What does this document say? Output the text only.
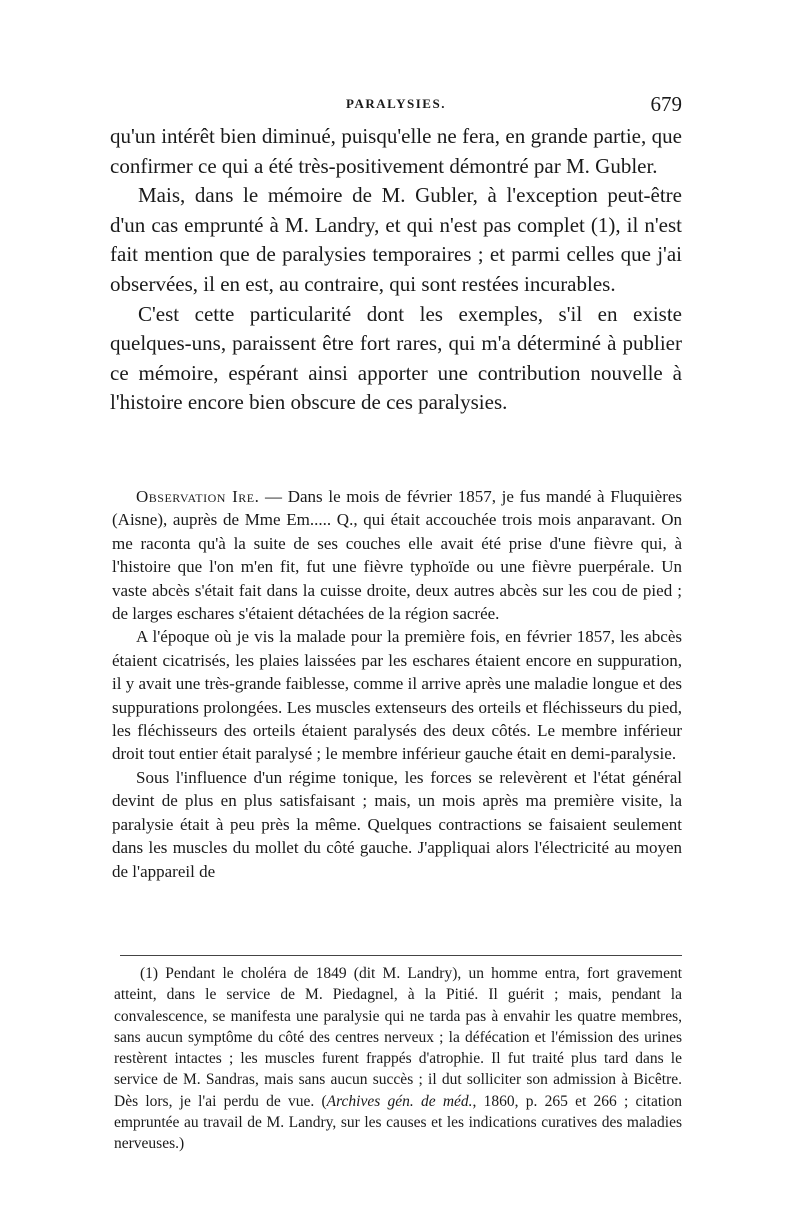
PARALYSIES.	679

qu'un intérêt bien diminué, puisqu'elle ne fera, en grande partie, que confirmer ce qui a été très-positivement démontré par M. Gubler.

Mais, dans le mémoire de M. Gubler, à l'exception peut-être d'un cas emprunté à M. Landry, et qui n'est pas complet (1), il n'est fait mention que de paralysies temporaires ; et parmi celles que j'ai observées, il en est, au contraire, qui sont restées incurables.

C'est cette particularité dont les exemples, s'il en existe quelques-uns, paraissent être fort rares, qui m'a déterminé à publier ce mémoire, espérant ainsi apporter une contribution nouvelle à l'histoire encore bien obscure de ces paralysies.

Observation Ire. — Dans le mois de février 1857, je fus mandé à Fluquières (Aisne), auprès de Mme Em..... Q., qui était accouchée trois mois anparavant. On me raconta qu'à la suite de ses couches elle avait été prise d'une fièvre qui, à l'histoire que l'on m'en fit, fut une fièvre typhoïde ou une fièvre puerpérale. Un vaste abcès s'était fait dans la cuisse droite, deux autres abcès sur les cou de pied ; de larges eschares s'étaient détachées de la région sacrée.

A l'époque où je vis la malade pour la première fois, en février 1857, les abcès étaient cicatrisés, les plaies laissées par les eschares étaient encore en suppuration, il y avait une très-grande faiblesse, comme il arrive après une maladie longue et des suppurations prolongées. Les muscles extenseurs des orteils et fléchisseurs du pied, les fléchisseurs des orteils étaient paralysés des deux côtés. Le membre inférieur droit tout entier était paralysé ; le membre inférieur gauche était en demi-paralysie.

Sous l'influence d'un régime tonique, les forces se relevèrent et l'état général devint de plus en plus satisfaisant ; mais, un mois après ma première visite, la paralysie était à peu près la même. Quelques contractions se faisaient seulement dans les muscles du mollet du côté gauche. J'appliquai alors l'électricité au moyen de l'appareil de

(1) Pendant le choléra de 1849 (dit M. Landry), un homme entra, fort gravement atteint, dans le service de M. Piedagnel, à la Pitié. Il guérit ; mais, pendant la convalescence, se manifesta une paralysie qui ne tarda pas à envahir les quatre membres, sans aucun symptôme du côté des centres nerveux ; la défécation et l'émission des urines restèrent intactes ; les muscles furent frappés d'atrophie. Il fut traité plus tard dans le service de M. Sandras, mais sans aucun succès ; il dut solliciter son admission à Bicêtre. Dès lors, je l'ai perdu de vue. (Archives gén. de méd., 1860, p. 265 et 266 ; citation empruntée au travail de M. Landry, sur les causes et les indications curatives des maladies nerveuses.)
